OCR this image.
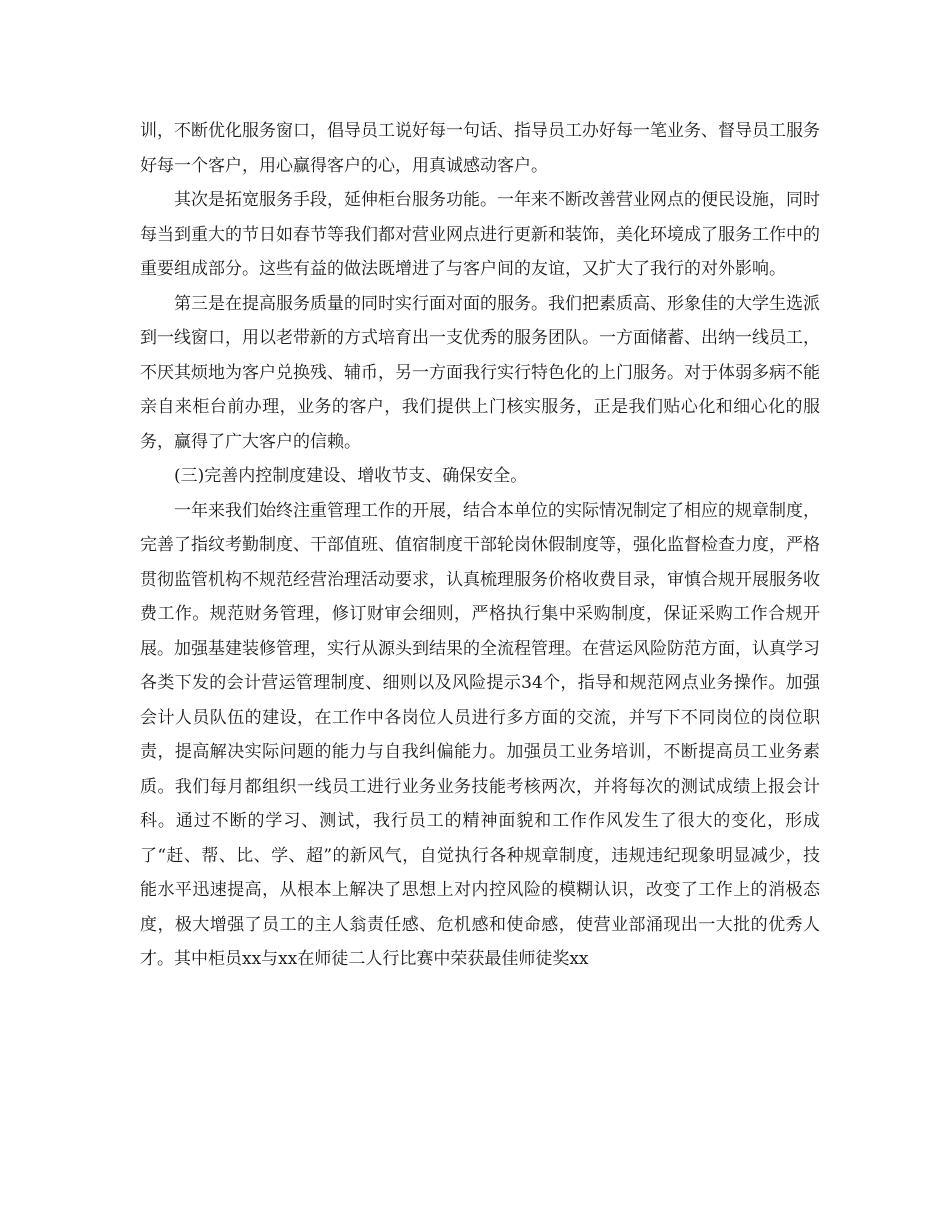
训，不断优化服务窗口，倡导员工说好每一句话、指导员工办好每一笔业务、督导员工服务好每一个客户，用心赢得客户的心，用真诚感动客户。

其次是拓宽服务手段，延伸柜台服务功能。一年来不断改善营业网点的便民设施，同时每当到重大的节日如春节等我们都对营业网点进行更新和装饰，美化环境成了服务工作中的重要组成部分。这些有益的做法既增进了与客户间的友谊，又扩大了我行的对外影响。

第三是在提高服务质量的同时实行面对面的服务。我们把素质高、形象佳的大学生选派到一线窗口，用以老带新的方式培育出一支优秀的服务团队。一方面储蓄、出纳一线员工，不厌其烦地为客户兑换残、辅币，另一方面我行实行特色化的上门服务。对于体弱多病不能亲自来柜台前办理，业务的客户，我们提供上门核实服务，正是我们贴心化和细心化的服务，赢得了广大客户的信赖。

(三)完善内控制度建设、增收节支、确保安全。

一年来我们始终注重管理工作的开展，结合本单位的实际情况制定了相应的规章制度，完善了指纹考勤制度、干部值班、值宿制度干部轮岗休假制度等，强化监督检查力度，严格贯彻监管机构不规范经营治理活动要求，认真梳理服务价格收费目录，审慎合规开展服务收费工作。规范财务管理，修订财审会细则，严格执行集中采购制度，保证采购工作合规开展。加强基建装修管理，实行从源头到结果的全流程管理。在营运风险防范方面，认真学习各类下发的会计营运管理制度、细则以及风险提示34个，指导和规范网点业务操作。加强会计人员队伍的建设，在工作中各岗位人员进行多方面的交流，并写下不同岗位的岗位职责，提高解决实际问题的能力与自我纠偏能力。加强员工业务培训，不断提高员工业务素质。我们每月都组织一线员工进行业务业务技能考核两次，并将每次的测试成绩上报会计科。通过不断的学习、测试，我行员工的精神面貌和工作作风发生了很大的变化，形成了“赶、帮、比、学、超”的新风气，自觉执行各种规章制度，违规违纪现象明显减少，技能水平迅速提高，从根本上解决了思想上对内控风险的模糊认识，改变了工作上的消极态度，极大增强了员工的主人翁责任感、危机感和使命感，使营业部涌现出一大批的优秀人才。其中柜员xx与xx在师徒二人行比赛中荣获最佳师徒奖xx
